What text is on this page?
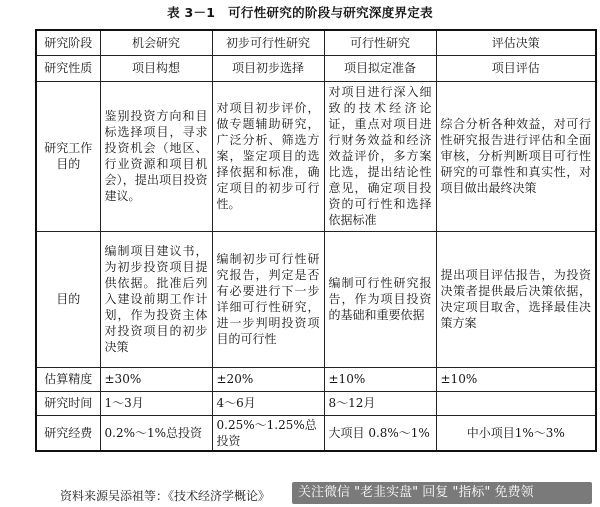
表 3－1　可行性研究的阶段与研究深度界定表
研究阶段	机会研究	初步可行性研究	可行性研究	评估决策
研究性质	项目构想	项目初步选择	项目拟定准备	项目评估
研究工作目的	鉴别投资方向和目标选择项目，寻求投资机会（地区、行业资源和项目机会），提出项目投资建议。	对项目初步评价，做专题辅助研究，广泛分析、筛选方案，鉴定项目的选择依据和标准，确定项目的初步可行性。	对项目进行深入细致的技术经济论证，重点对项目进行财务效益和经济效益评价，多方案比选，提出结论性意见，确定项目投资的可行性和选择依据标准	综合分析各种效益，对可行性研究报告进行评估和全面审核，分析判断项目可行性研究的可靠性和真实性，对项目做出最终决策
目的	编制项目建议书，为初步投资项目提供依据。批准后列入建设前期工作计划，作为投资主体对投资项目的初步决策	编制初步可行性研究报告，判定是否有必要进行下一步详细可行性研究，进一步判明投资项目的可行性	编制可行性研究报告，作为项目投资的基础和重要依据	提出项目评估报告，为投资决策者提供最后决策依据，决定项目取舍，选择最佳决策方案
估算精度	±30%	±20%	±10%	±10%
研究时间	1～3月	4～6月	8～12月	
研究经费	0.2%～1%总投资	0.25%～1.25%总投资	大项目 0.8%～1%	中小项目1%～3%
资料来源吴添祖等：《技术经济学概论》	关注微信 "老韭实盘" 回复 "指标" 免费领
